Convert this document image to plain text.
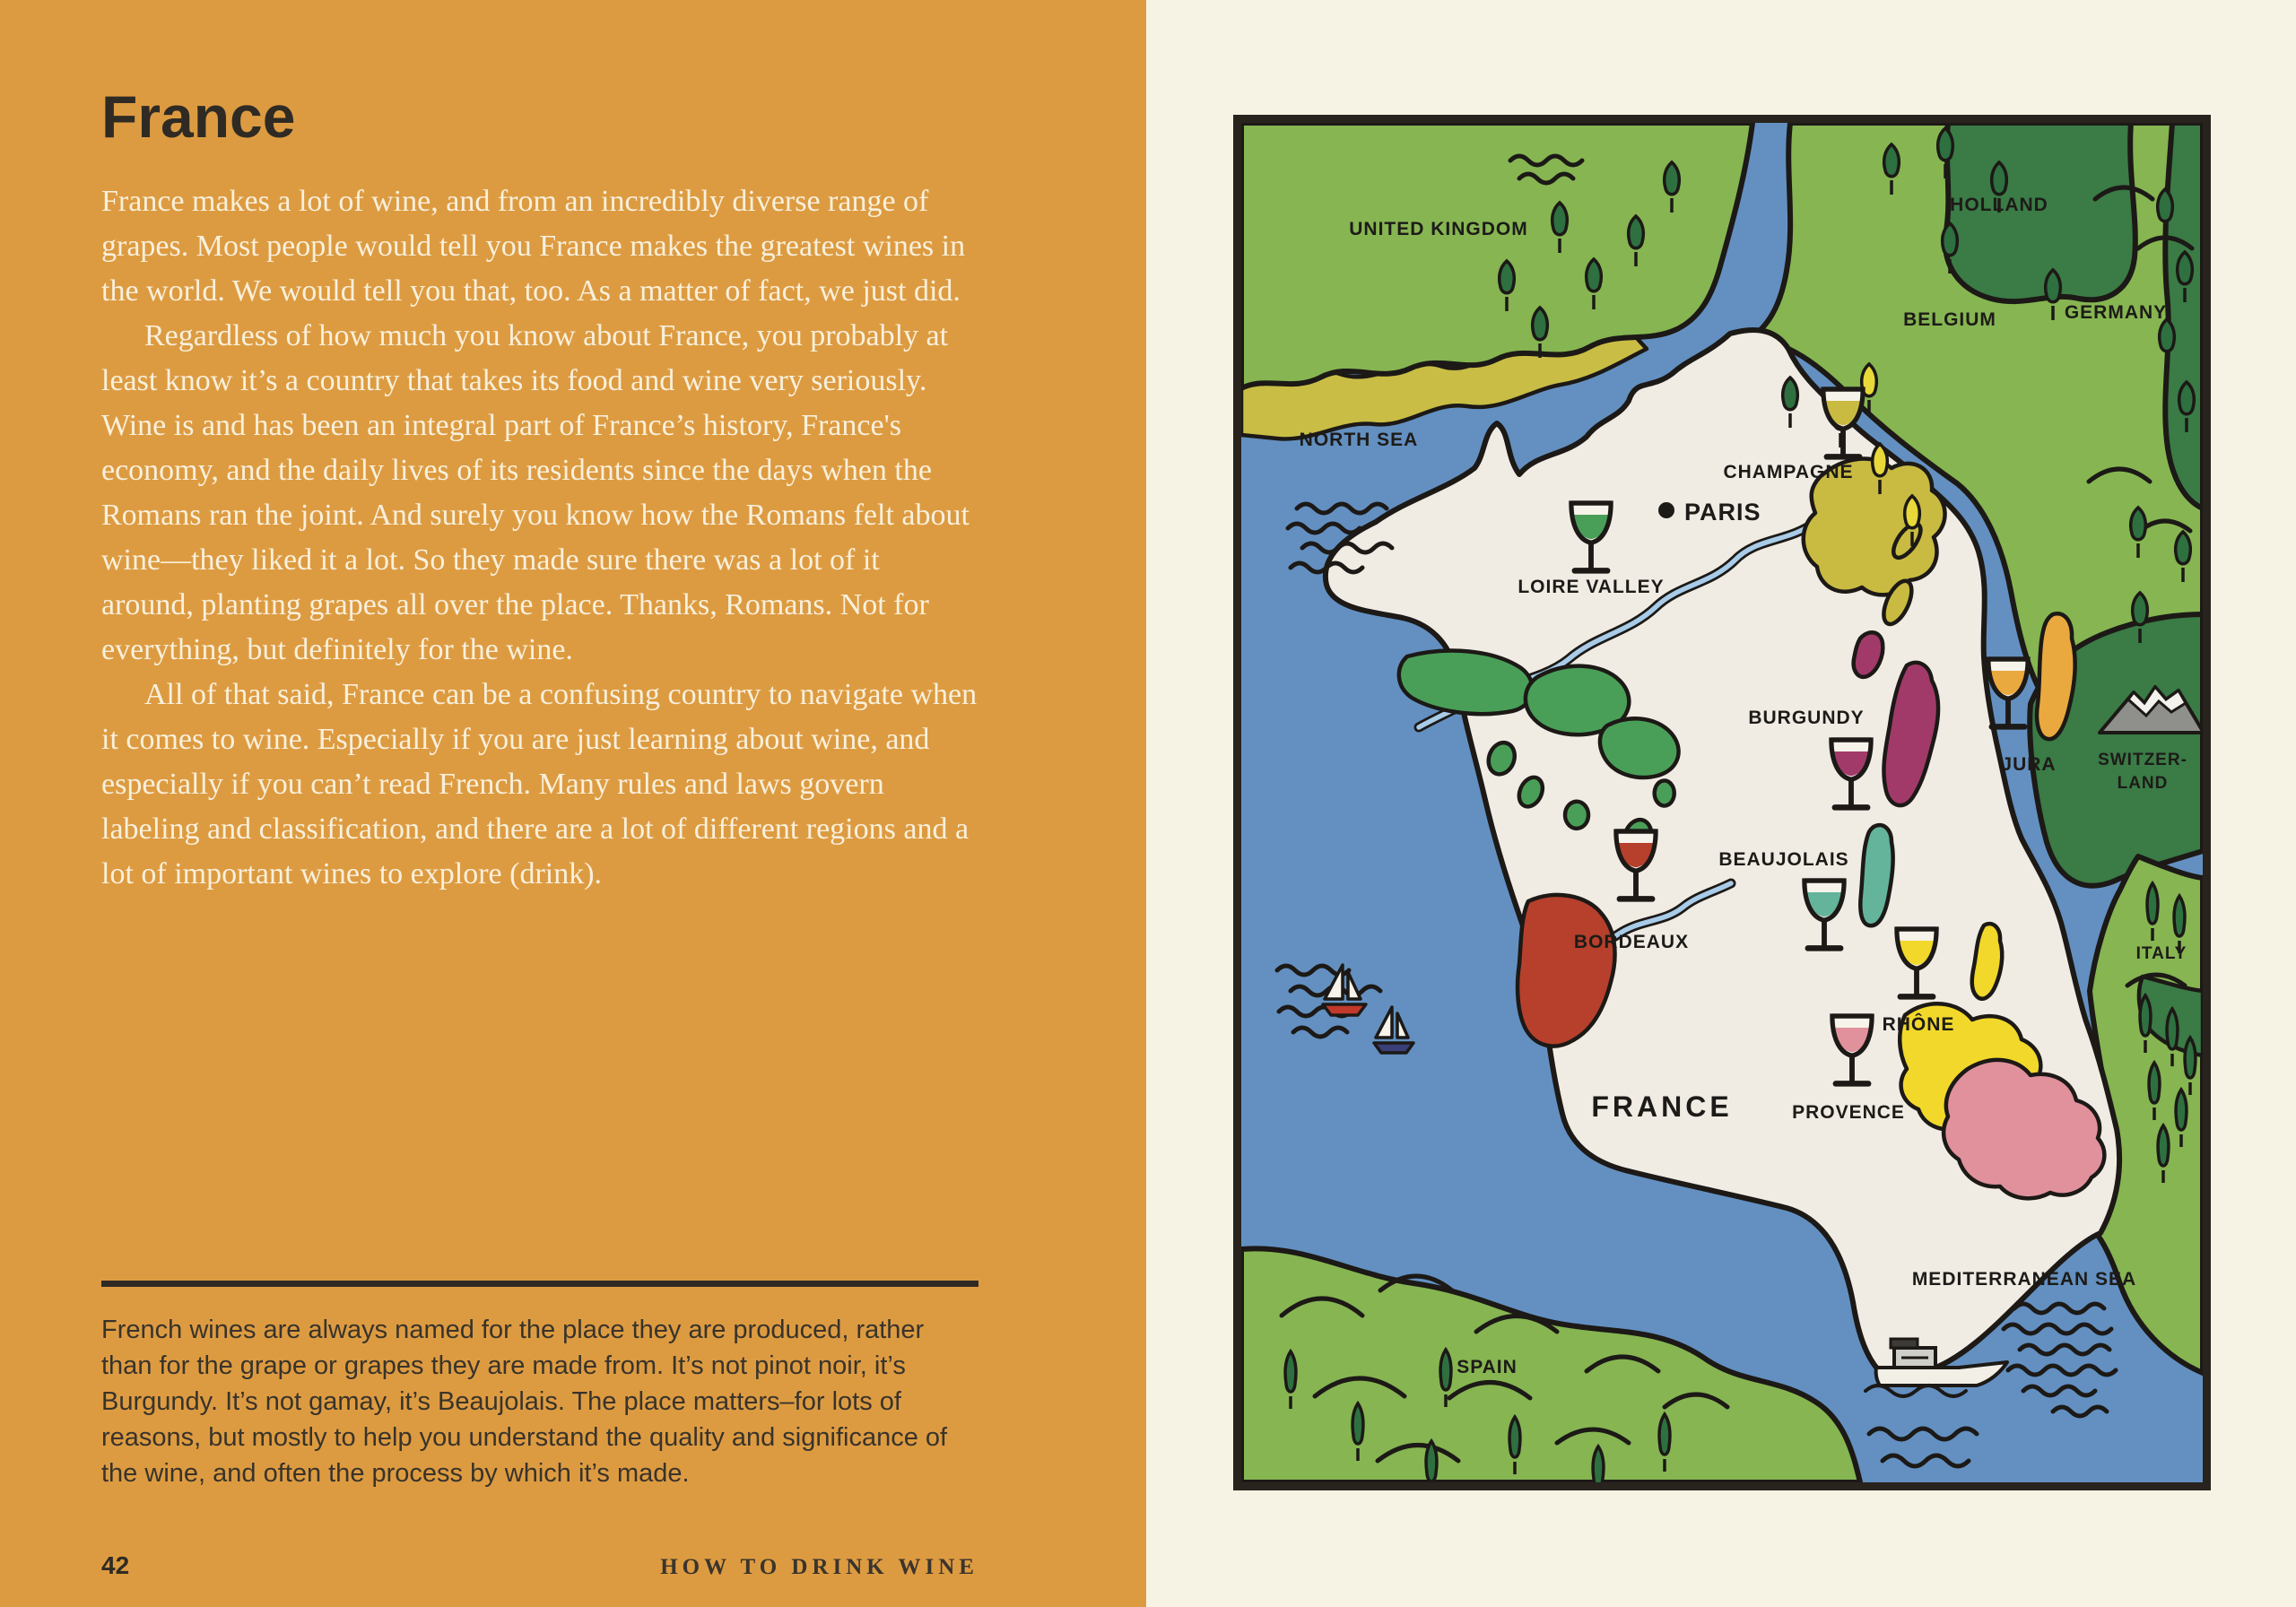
France

France makes a lot of wine, and from an incredibly diverse range of grapes. Most people would tell you France makes the greatest wines in the world. We would tell you that, too. As a matter of fact, we just did.

Regardless of how much you know about France, you probably at least know it’s a country that takes its food and wine very seriously. Wine is and has been an integral part of France’s history, France's economy, and the daily lives of its residents since the days when the Romans ran the joint. And surely you know how the Romans felt about wine—they liked it a lot. So they made sure there was a lot of it around, planting grapes all over the place. Thanks, Romans. Not for everything, but definitely for the wine.

All of that said, France can be a confusing country to navigate when it comes to wine. Especially if you are just learning about wine, and especially if you can’t read French. Many rules and laws govern labeling and classification, and there are a lot of different regions and a lot of important wines to explore (drink).

French wines are always named for the place they are produced, rather than for the grape or grapes they are made from. It’s not pinot noir, it’s Burgundy. It’s not gamay, it’s Beaujolais. The place matters–for lots of reasons, but mostly to help you understand the quality and significance of the wine, and often the process by which it’s made.

42	HOW TO DRINK WINE
UNITED KINGDOM
HOLLAND
BELGIUM	GERMANY
NORTH SEA
CHAMPAGNE
PARIS
LOIRE VALLEY
BURGUNDY
JURA SWITZER-
LAND
BEAUJOLAIS
BORDEAUX
RHÔNE
FRANCE	PROVENCE
ITALY
MEDITERRANEAN SEA
SPAIN
